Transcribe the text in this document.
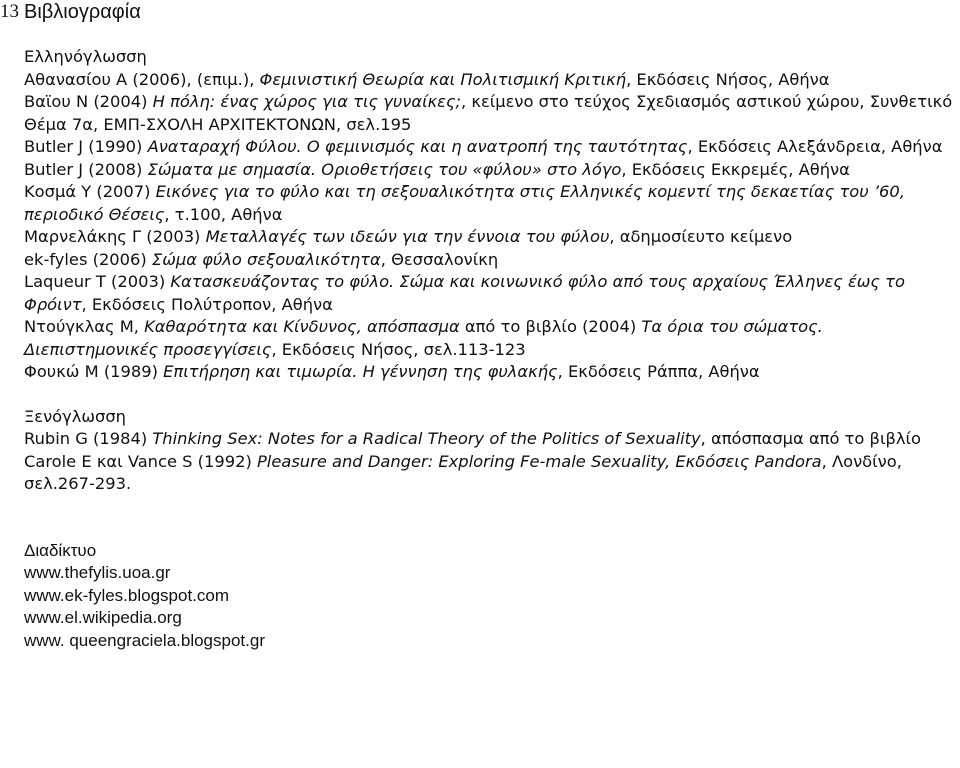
13 Βιβλιογραφία

Ελληνόγλωσση

Αθανασίου Α (2006), (επιμ.), Φεμινιστική Θεωρία και Πολιτισμική Κριτική, Εκδόσεις Νήσος, Αθήνα

Βαϊου Ν (2004) Η πόλη: ένας χώρος για τις γυναίκες;, κείμενο στο τεύχος Σχεδιασμός αστικού χώρου, Συνθετικό Θέμα 7α, ΕΜΠ-ΣΧΟΛΗ ΑΡΧΙΤΕΚΤΟΝΩΝ, σελ.195

Butler J (1990) Αναταραχή Φύλου. Ο φεμινισμός και η ανατροπή της ταυτότητας, Εκδόσεις Αλεξάνδρεια, Αθήνα

Butler J (2008) Σώματα με σημασία. Οριοθετήσεις του «φύλου» στο λόγο, Εκδόσεις Εκκρεμές, Αθήνα

Κοσμά Υ (2007) Εικόνες για το φύλο και τη σεξουαλικότητα στις Ελληνικές κομεντί της δεκαετίας του ’60, περιοδικό Θέσεις, τ.100, Αθήνα

Μαρνελάκης Γ (2003) Μεταλλαγές των ιδεών για την έννοια του φύλου, αδημοσίευτο κείμενο

ek-fyles (2006) Σώμα φύλο σεξουαλικότητα, Θεσσαλονίκη

Laqueur T (2003) Κατασκευάζοντας το φύλο. Σώμα και κοινωνικό φύλο από τους αρχαίους Έλληνες έως το Φρόιντ, Εκδόσεις Πολύτροπον, Αθήνα

Ντούγκλας Μ, Καθαρότητα και Κίνδυνος, απόσπασμα από το βιβλίο (2004) Τα όρια του σώματος. Διεπιστημονικές προσεγγίσεις, Εκδόσεις Νήσος, σελ.113-123

Φουκώ Μ (1989) Επιτήρηση και τιμωρία. Η γέννηση της φυλακής, Εκδόσεις Ράππα, Αθήνα

Ξενόγλωσση

Rubin G (1984) Thinking Sex: Notes for a Radical Theory of the Politics of Sexuality, απόσπασμα από το βιβλίο Carole E και Vance S (1992) Pleasure and Danger: Exploring Fe-male Sexuality, Εκδόσεις Pandora, Λονδίνο, σελ.267-293.

Διαδίκτυο

www.thefylis.uoa.gr

www.ek-fyles.blogspot.com

www.el.wikipedia.org

www. queengraciela.blogspot.gr
